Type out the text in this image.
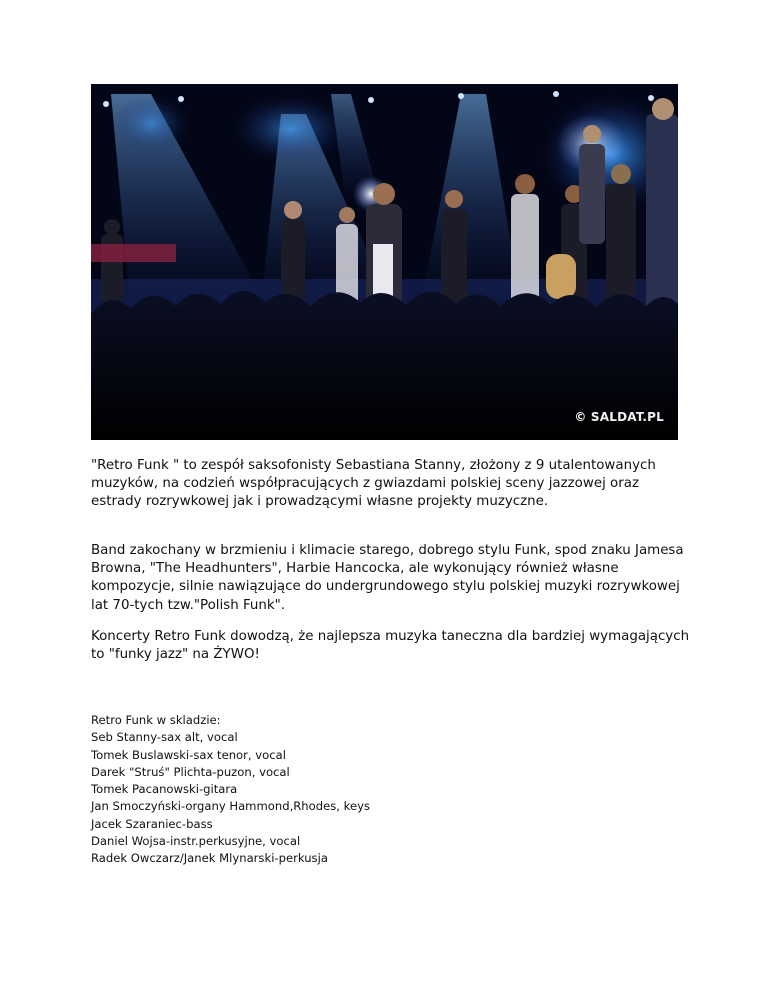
© SALDAT.PL

"Retro Funk " to zespół saksofonisty Sebastiana Stanny, złożony z 9 utalentowanych muzyków, na codzień współpracujących z gwiazdami polskiej sceny jazzowej oraz estrady rozrywkowej jak i prowadzącymi własne projekty muzyczne.

Band zakochany w brzmieniu i klimacie starego, dobrego stylu Funk, spod znaku Jamesa Browna, "The Headhunters", Harbie Hancocka, ale wykonujący również własne kompozycje, silnie nawiązujące do undergrundowego stylu polskiej muzyki rozrywkowej lat 70-tych tzw."Polish Funk".

Koncerty Retro Funk dowodzą, że najlepsza muzyka taneczna dla bardziej wymagających to "funky jazz" na ŻYWO!

Retro Funk w skladzie:
Seb Stanny-sax alt, vocal
Tomek Buslawski-sax tenor, vocal
Darek "Struś" Plichta-puzon, vocal
Tomek Pacanowski-gitara
Jan Smoczyński-organy Hammond,Rhodes, keys
Jacek Szaraniec-bass
Daniel Wojsa-instr.perkusyjne, vocal
Radek Owczarz/Janek Mlynarski-perkusja
